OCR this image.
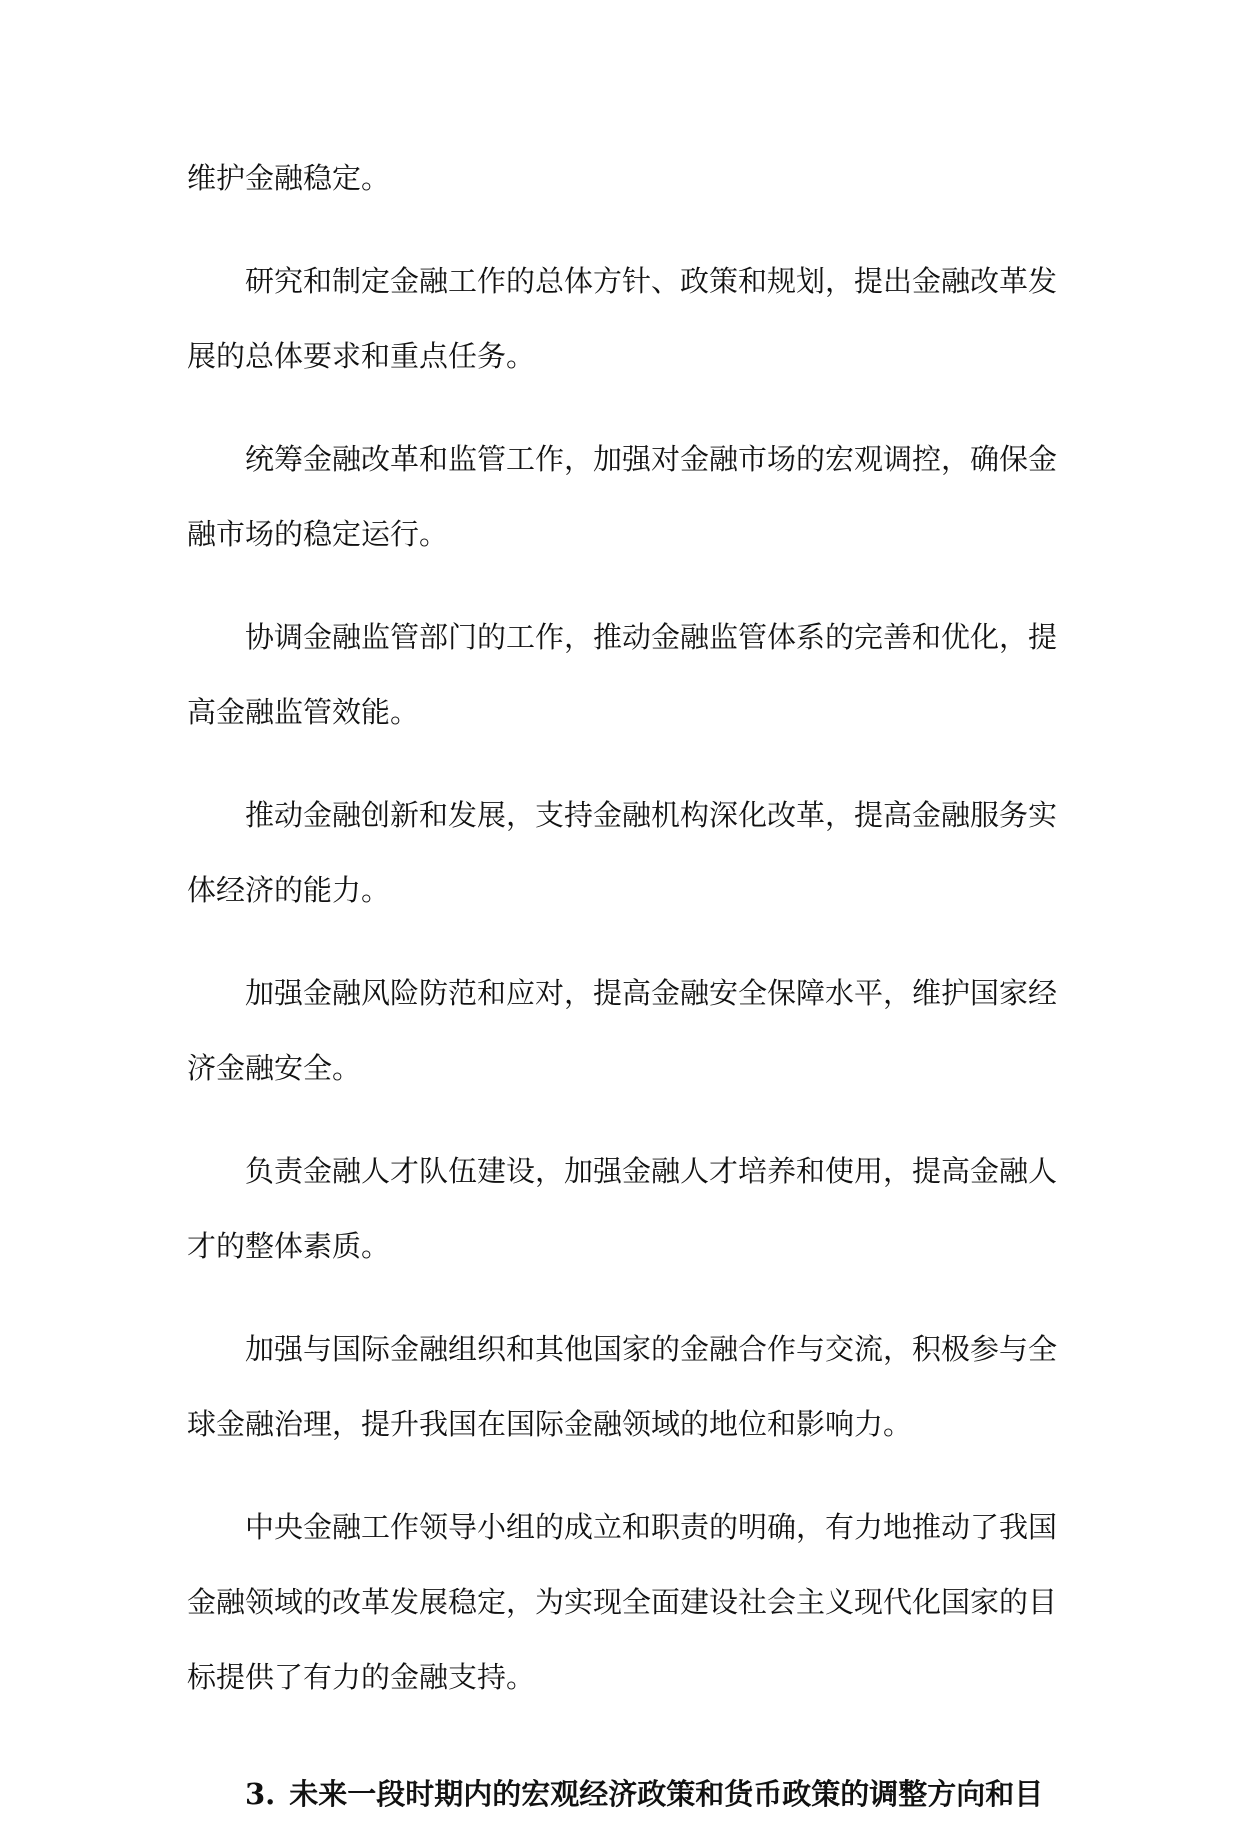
维护金融稳定。

研究和制定金融工作的总体方针、政策和规划，提出金融改革发展的总体要求和重点任务。

统筹金融改革和监管工作，加强对金融市场的宏观调控，确保金融市场的稳定运行。

协调金融监管部门的工作，推动金融监管体系的完善和优化，提高金融监管效能。

推动金融创新和发展，支持金融机构深化改革，提高金融服务实体经济的能力。

加强金融风险防范和应对，提高金融安全保障水平，维护国家经济金融安全。

负责金融人才队伍建设，加强金融人才培养和使用，提高金融人才的整体素质。

加强与国际金融组织和其他国家的金融合作与交流，积极参与全球金融治理，提升我国在国际金融领域的地位和影响力。

中央金融工作领导小组的成立和职责的明确，有力地推动了我国金融领域的改革发展稳定，为实现全面建设社会主义现代化国家的目标提供了有力的金融支持。

3. 未来一段时期内的宏观经济政策和货币政策的调整方向和目
